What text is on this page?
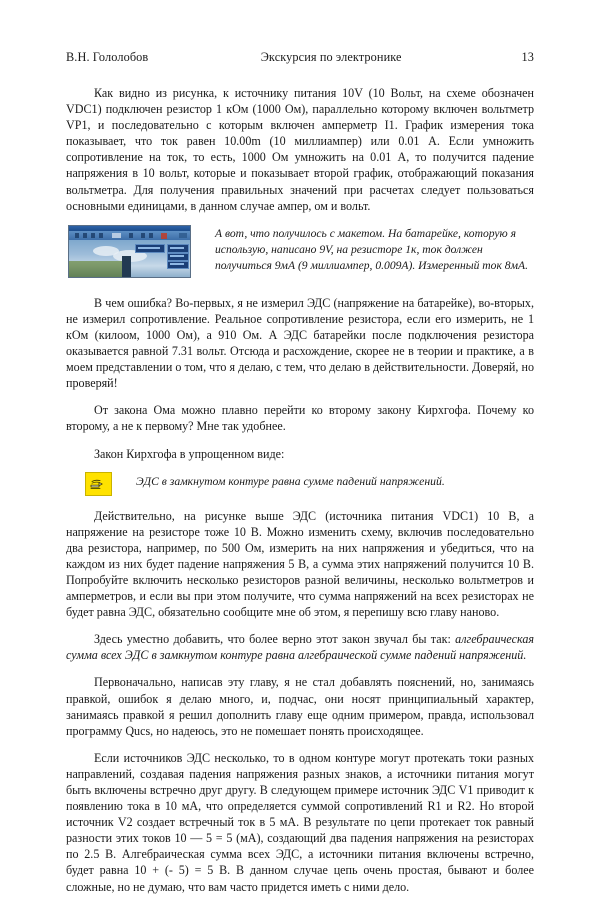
В.Н. Гололобов	Экскурсия по электронике	13

Как видно из рисунка, к источнику питания 10V (10 Вольт, на схеме обозначен VDC1) подключен резистор 1 кОм (1000 Ом), параллельно которому включен вольтметр VP1, и последовательно с которым включен амперметр I1. График измерения тока показывает, что ток равен 10.00m (10 миллиампер) или 0.01 А. Если умножить сопротивление на ток, то есть, 1000 Ом умножить на 0.01 А, то получится падение напряжения в 10 вольт, которые и показывает второй график, отображающий показания вольтметра. Для получения правильных значений при расчетах следует пользоваться основными единицами, в данном случае ампер, ом и вольт.

А вот, что получилось с макетом. На батарейке, которую я использую, написано 9V, на резисторе 1к, ток должен получиться 9мА (9 миллиампер, 0.009А). Измеренный ток 8мА.

В чем ошибка? Во-первых, я не измерил ЭДС (напряжение на батарейке), во-вторых, не измерил сопротивление. Реальное сопротивление резистора, если его измерить, не 1 кОм (килоом, 1000 Ом), а 910 Ом. А ЭДС батарейки после подключения резистора оказывается равной 7.31 вольт. Отсюда и расхождение, скорее не в теории и практике, а в моем представлении о том, что я делаю, с тем, что делаю в действительности. Доверяй, но проверяй!

От закона Ома можно плавно перейти ко второму закону Кирхгофа. Почему ко второму, а не к первому? Мне так удобнее.

Закон Кирхгофа в упрощенном виде:

ЭДС в замкнутом контуре равна сумме падений напряжений.

Действительно, на рисунке выше ЭДС (источника питания VDC1) 10 В, а напряжение на резисторе тоже 10 В. Можно изменить схему, включив последовательно два резистора, например, по 500 Ом, измерить на них напряжения и убедиться, что на каждом из них будет падение напряжения 5 В, а сумма этих напряжений получится 10 В. Попробуйте включить несколько резисторов разной величины, несколько вольтметров и амперметров, и если вы при этом получите, что сумма напряжений на всех резисторах не будет равна ЭДС, обязательно сообщите мне об этом, я перепишу всю главу наново.

Здесь уместно добавить, что более верно этот закон звучал бы так: алгебраическая сумма всех ЭДС в замкнутом контуре равна алгебраической сумме падений напряжений.

Первоначально, написав эту главу, я не стал добавлять пояснений, но, занимаясь правкой, ошибок я делаю много, и, подчас, они носят принципиальный характер, занимаясь правкой я решил дополнить главу еще одним примером, правда, использовал программу Qucs, но надеюсь, это не помешает понять происходящее.

Если источников ЭДС несколько, то в одном контуре могут протекать токи разных направлений, создавая падения напряжения разных знаков, а источники питания могут быть включены встречно друг другу. В следующем примере источник ЭДС V1 приводит к появлению тока в 10 мА, что определяется суммой сопротивлений R1 и R2. Но второй источник V2 создает встречный ток в 5 мА. В результате по цепи протекает ток равный разности этих токов 10 — 5 = 5 (мА), создающий два падения напряжения на резисторах по 2.5 В. Алгебраическая сумма всех ЭДС, а источники питания включены встречно, будет равна 10 + (- 5) = 5 В. В данном случае цепь очень простая, бывают и более сложные, но не думаю, что вам часто придется иметь с ними дело.
